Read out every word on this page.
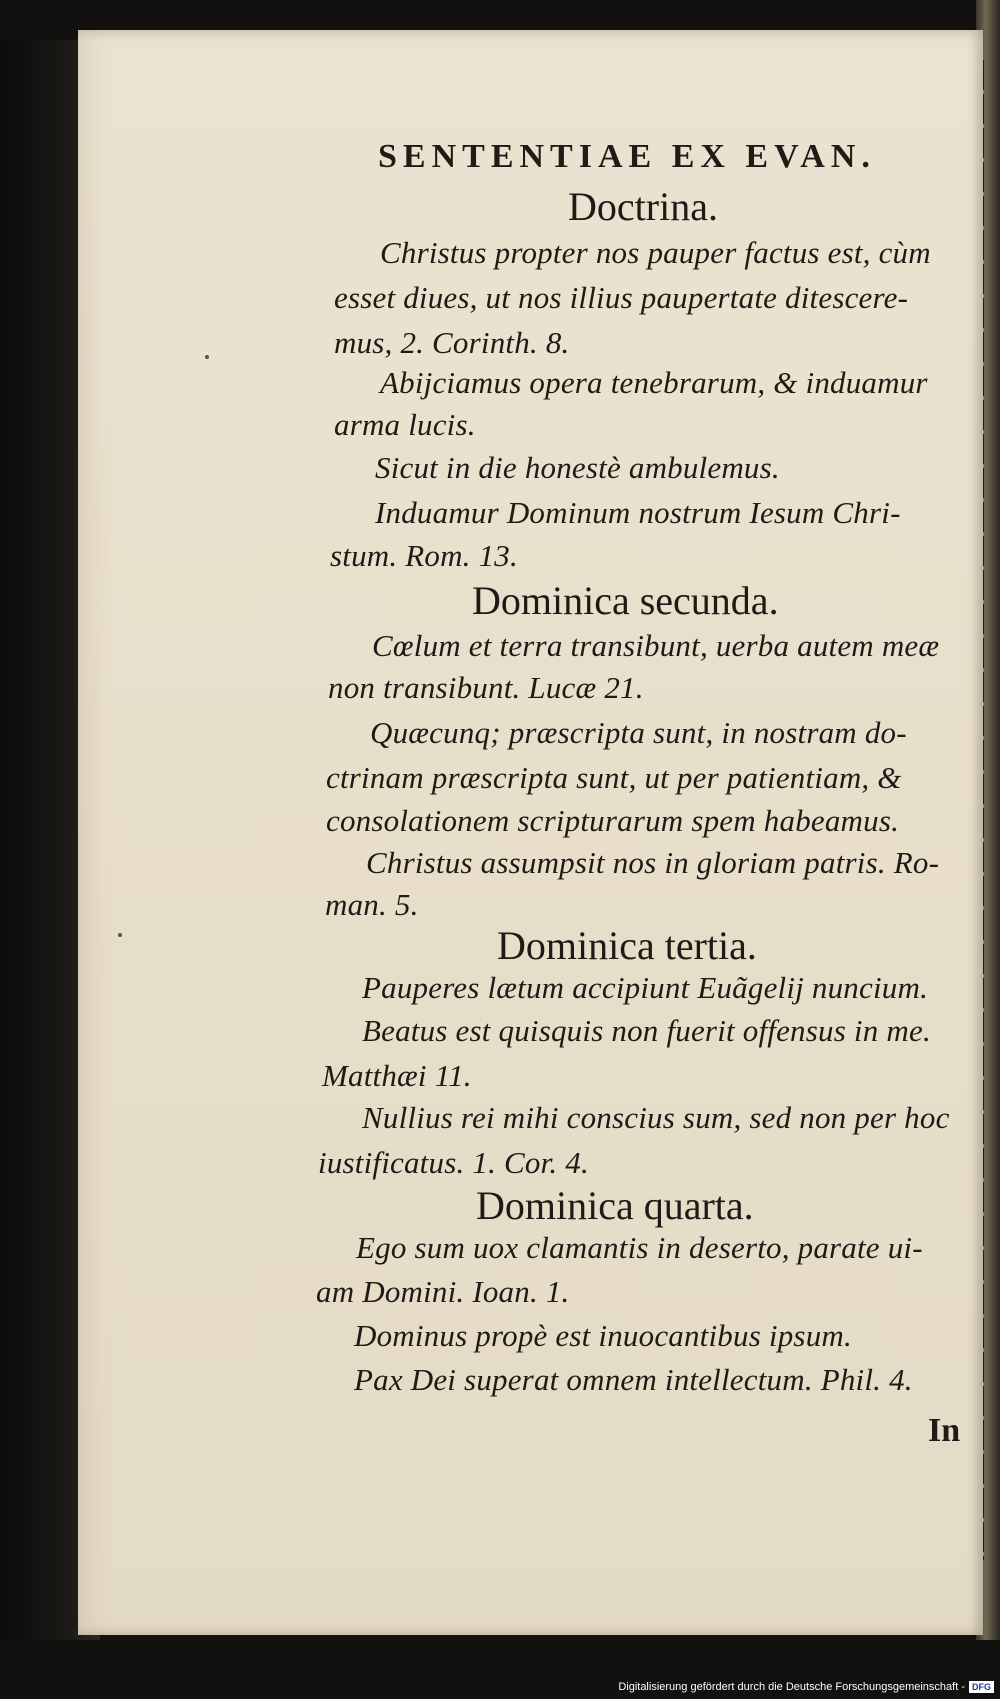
SENTENTIAE EX EVAN.
Doctrina.
Christus propter nos pauper factus est, cùm
esset diues, ut nos illius paupertate ditescere-
mus, 2. Corinth. 8.
Abijciamus opera tenebrarum, & induamur
arma lucis.
Sicut in die honestè ambulemus.
Induamur Dominum nostrum Iesum Chri-
stum. Rom. 13.
Dominica secunda.
Cœlum et terra transibunt, uerba autem meæ
non transibunt. Lucæ 21.
Quæcunq; præscripta sunt, in nostram do-
ctrinam præscripta sunt, ut per patientiam, &
consolationem scripturarum spem habeamus.
Christus assumpsit nos in gloriam patris. Ro-
man. 5.
Dominica tertia.
Pauperes lætum accipiunt Euãgelij nuncium.
Beatus est quisquis non fuerit offensus in me.
Matthæi 11.
Nullius rei mihi conscius sum, sed non per hoc
iustificatus. 1. Cor. 4.
Dominica quarta.
Ego sum uox clamantis in deserto, parate ui-
am Domini. Ioan. 1.
Dominus propè est inuocantibus ipsum.
Pax Dei superat omnem intellectum. Phil. 4.
In
Digitalisierung gefördert durch die Deutsche Forschungsgemeinschaft - DFG
